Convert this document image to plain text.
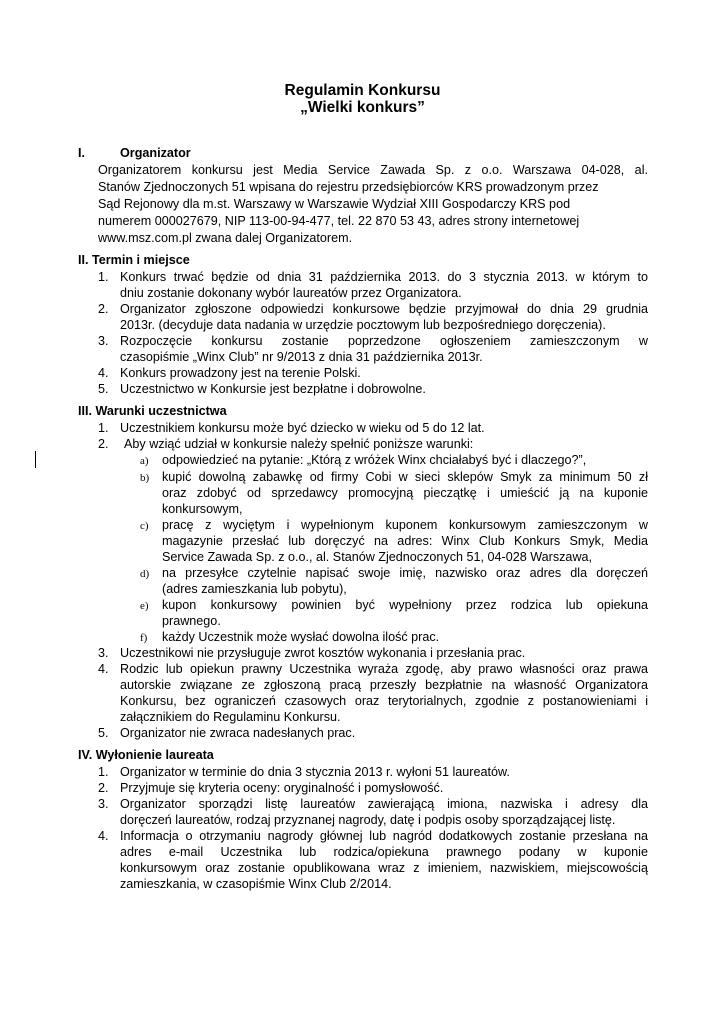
Regulamin Konkursu
„Wielki konkurs”
I.	Organizator
Organizatorem konkursu jest Media Service Zawada Sp. z o.o. Warszawa 04-028, al.
Stanów Zjednoczonych 51 wpisana do rejestru przedsiębiorców KRS prowadzonym przez
Sąd Rejonowy dla m.st. Warszawy w Warszawie Wydział XIII Gospodarczy KRS pod
numerem 000027679, NIP 113-00-94-477, tel. 22 870 53 43, adres strony internetowej
www.msz.com.pl zwana dalej Organizatorem.
II. Termin i miejsce
1. Konkurs trwać będzie od dnia 31 października 2013. do 3 stycznia 2013. w którym to
dniu zostanie dokonany wybór laureatów przez Organizatora.
2. Organizator zgłoszone odpowiedzi konkursowe będzie przyjmował do dnia 29 grudnia
2013r. (decyduje data nadania w urzędzie pocztowym lub bezpośredniego doręczenia).
3. Rozpoczęcie konkursu zostanie poprzedzone ogłoszeniem zamieszczonym w
czasopiśmie „Winx Club” nr 9/2013 z dnia 31 października 2013r.
4. Konkurs prowadzony jest na terenie Polski.
5. Uczestnictwo w Konkursie jest bezpłatne i dobrowolne.
III. Warunki uczestnictwa
1. Uczestnikiem konkursu może być dziecko w wieku od 5 do 12 lat.
2. Aby wziąć udział w konkursie należy spełnić poniższe warunki:
a) odpowiedzieć na pytanie: „Którą z wróżek Winx chciałabyś być i dlaczego?”,
b) kupić dowolną zabawkę od firmy Cobi w sieci sklepów Smyk za minimum 50 zł
oraz zdobyć od sprzedawcy promocyjną pieczątkę i umieścić ją na kuponie
konkursowym,
c) pracę z wyciętym i wypełnionym kuponem konkursowym zamieszczonym w
magazynie przesłać lub doręczyć na adres: Winx Club Konkurs Smyk, Media
Service Zawada Sp. z o.o., al. Stanów Zjednoczonych 51, 04-028 Warszawa,
d) na przesyłce czytelnie napisać swoje imię, nazwisko oraz adres dla doręczeń
(adres zamieszkania lub pobytu),
e) kupon konkursowy powinien być wypełniony przez rodzica lub opiekuna
prawnego.
f) każdy Uczestnik może wysłać dowolna ilość prac.
3. Uczestnikowi nie przysługuje zwrot kosztów wykonania i przesłania prac.
4. Rodzic lub opiekun prawny Uczestnika wyraża zgodę, aby prawo własności oraz prawa
autorskie związane ze zgłoszoną pracą przeszły bezpłatnie na własność Organizatora
Konkursu, bez ograniczeń czasowych oraz terytorialnych, zgodnie z postanowieniami i
załącznikiem do Regulaminu Konkursu.
5. Organizator nie zwraca nadesłanych prac.
IV. Wyłonienie laureata
1. Organizator w terminie do dnia 3 stycznia 2013 r. wyłoni 51 laureatów.
2. Przyjmuje się kryteria oceny: oryginalność i pomysłowość.
3. Organizator sporządzi listę laureatów zawierającą imiona, nazwiska i adresy dla
doręczeń laureatów, rodzaj przyznanej nagrody, datę i podpis osoby sporządzającej listę.
4. Informacja o otrzymaniu nagrody głównej lub nagród dodatkowych zostanie przesłana na
adres e-mail Uczestnika lub rodzica/opiekuna prawnego podany w kuponie
konkursowym oraz zostanie opublikowana wraz z imieniem, nazwiskiem, miejscowością
zamieszkania, w czasopiśmie Winx Club 2/2014.
